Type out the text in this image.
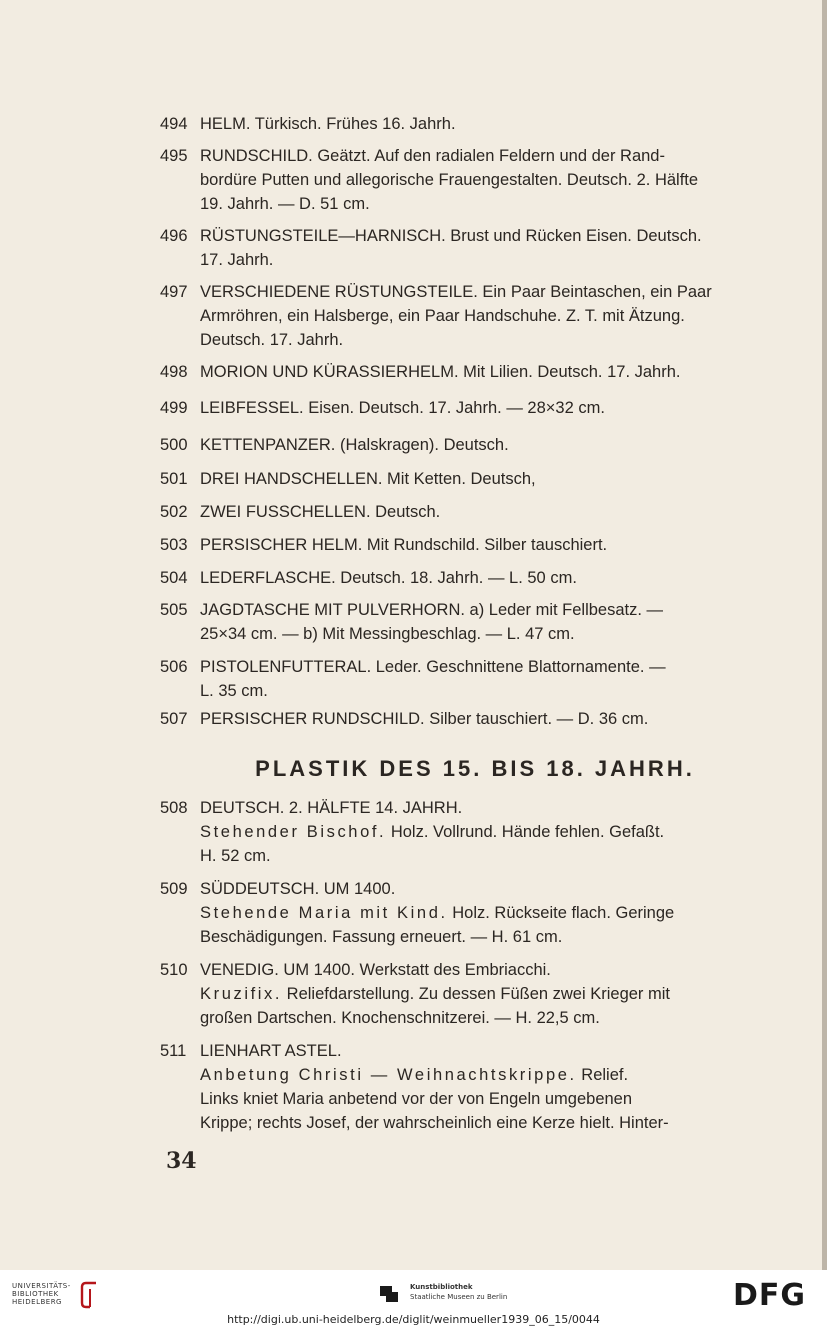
494 HELM. Türkisch. Frühes 16. Jahrh.
495 RUNDSCHILD. Geätzt. Auf den radialen Feldern und der Rand-
bordüre Putten und allegorische Frauengestalten. Deutsch. 2. Hälfte
19. Jahrh. — D. 51 cm.
496 RÜSTUNGSTEILE—HARNISCH. Brust und Rücken Eisen. Deutsch.
17. Jahrh.
497 VERSCHIEDENE RÜSTUNGSTEILE. Ein Paar Beintaschen, ein Paar
Armröhren, ein Halsberge, ein Paar Handschuhe. Z. T. mit Ätzung.
Deutsch. 17. Jahrh.
498 MORION UND KÜRASSIERHELM. Mit Lilien. Deutsch. 17. Jahrh.
499 LEIBFESSEL. Eisen. Deutsch. 17. Jahrh. — 28×32 cm.
500 KETTENPANZER. (Halskragen). Deutsch.
501 DREI HANDSCHELLEN. Mit Ketten. Deutsch,
502 ZWEI FUSSCHELLEN. Deutsch.
503 PERSISCHER HELM. Mit Rundschild. Silber tauschiert.
504 LEDERFLASCHE. Deutsch. 18. Jahrh. — L. 50 cm.
505 JAGDTASCHE MIT PULVERHORN. a) Leder mit Fellbesatz. —
25×34 cm. — b) Mit Messingbeschlag. — L. 47 cm.
506 PISTOLENFUTTERAL. Leder. Geschnittene Blattornamente. —
L. 35 cm.
507 PERSISCHER RUNDSCHILD. Silber tauschiert. — D. 36 cm.
PLASTIK DES 15. BIS 18. JAHRH.
508 DEUTSCH. 2. HÄLFTE 14. JAHRH.
Stehender Bischof. Holz. Vollrund. Hände fehlen. Gefaßt.
H. 52 cm.
509 SÜDDEUTSCH. UM 1400.
Stehende Maria mit Kind. Holz. Rückseite flach. Geringe
Beschädigungen. Fassung erneuert. — H. 61 cm.
510 VENEDIG. UM 1400. Werkstatt des Embriacchi.
Kruzifix. Reliefdarstellung. Zu dessen Füßen zwei Krieger mit
großen Dartschen. Knochenschnitzerei. — H. 22,5 cm.
511 LIENHART ASTEL.
Anbetung Christi — Weihnachtskrippe. Relief.
Links kniet Maria anbetend vor der von Engeln umgebenen
Krippe; rechts Josef, der wahrscheinlich eine Kerze hielt. Hinter-
34
UNIVERSITÄTS-
BIBLIOTHEK
HEIDELBERG
Kunstbibliothek
Staatliche Museen zu Berlin	DFG
http://digi.ub.uni-heidelberg.de/diglit/weinmueller1939_06_15/0044
